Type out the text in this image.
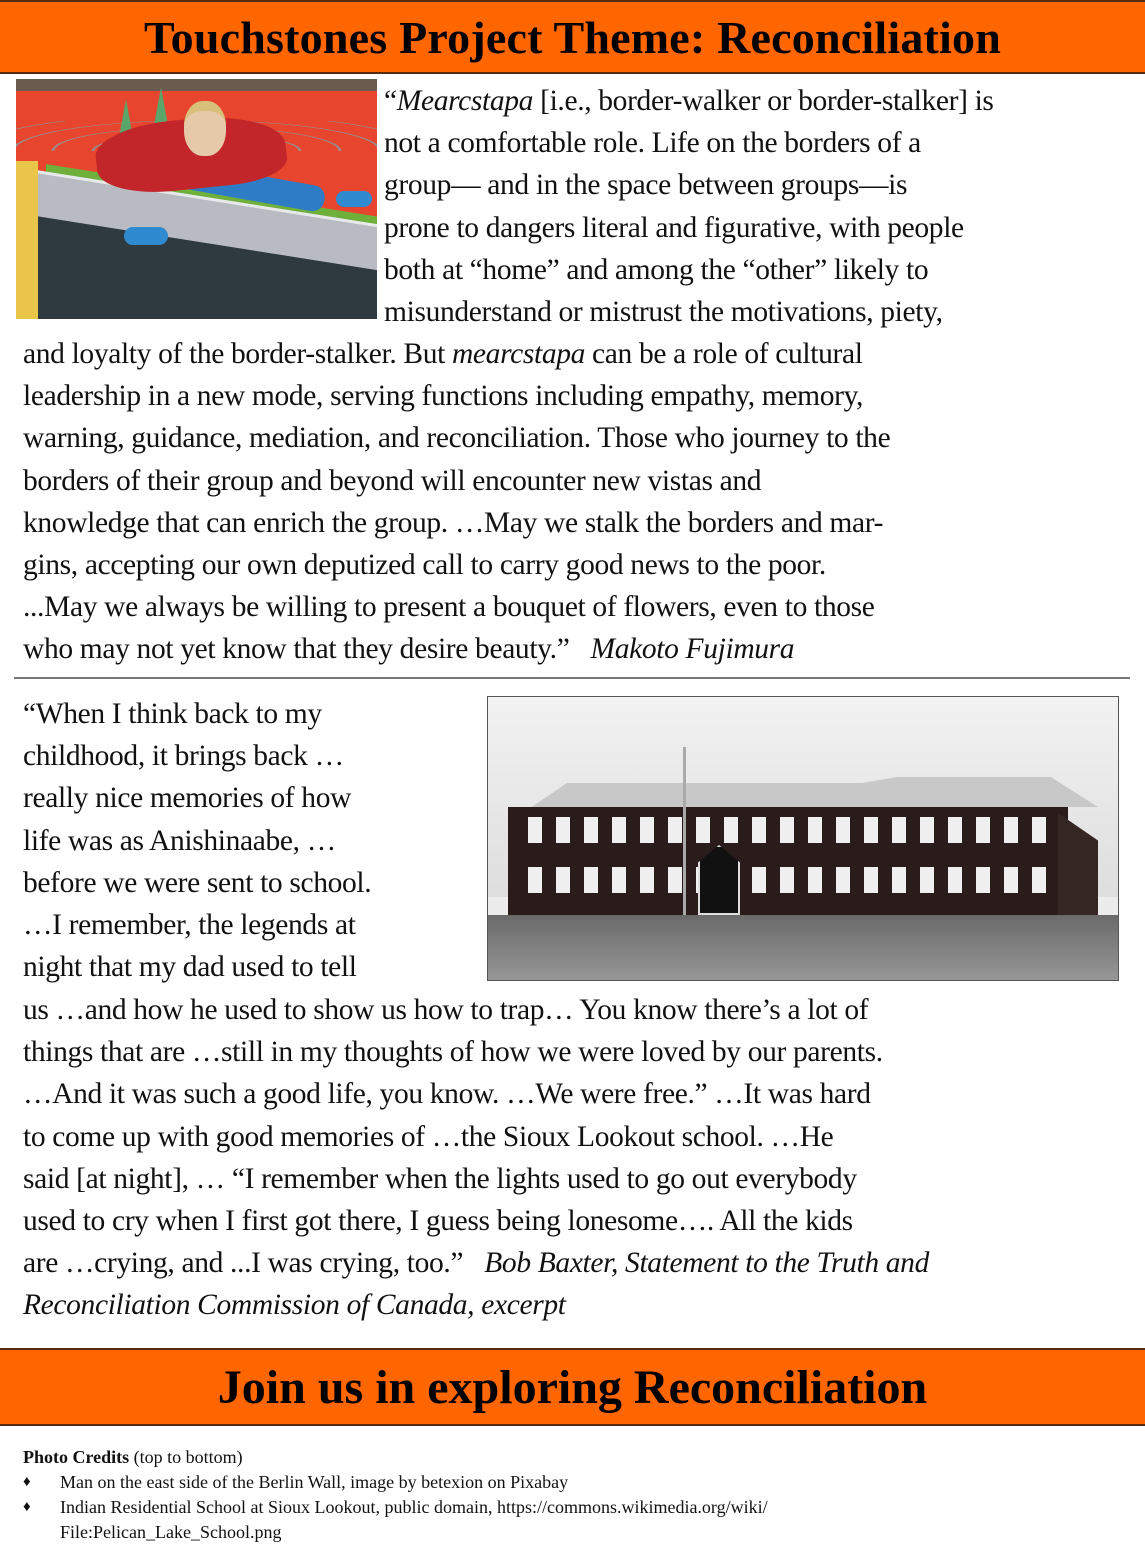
Touchstones Project Theme: Reconciliation
“Mearcstapa [i.e., border-walker or border-stalker] is
not a comfortable role. Life on the borders of a
group— and in the space between groups—is
prone to dangers literal and figurative, with people
both at “home” and among the “other” likely to
misunderstand or mistrust the motivations, piety,
and loyalty of the border-stalker. But mearcstapa can be a role of cultural
leadership in a new mode, serving functions including empathy, memory,
warning, guidance, mediation, and reconciliation. Those who journey to the
borders of their group and beyond will encounter new vistas and
knowledge that can enrich the group. …May we stalk the borders and mar-
gins, accepting our own deputized call to carry good news to the poor.
...May we always be willing to present a bouquet of flowers, even to those
who may not yet know that they desire beauty.”   Makoto Fujimura
“When I think back to my
childhood, it brings back …
really nice memories of how
life was as Anishinaabe, …
before we were sent to school.
…I remember, the legends at
night that my dad used to tell
us …and how he used to show us how to trap… You know there’s a lot of
things that are …still in my thoughts of how we were loved by our parents.
…And it was such a good life, you know. …We were free.” …It was hard
to come up with good memories of …the Sioux Lookout school. …He
said [at night], … “I remember when the lights used to go out everybody
used to cry when I first got there, I guess being lonesome…. All the kids
are …crying, and ...I was crying, too.”   Bob Baxter, Statement to the Truth and
Reconciliation Commission of Canada, excerpt
Join us in exploring Reconciliation
Photo Credits (top to bottom)
♦ Man on the east side of the Berlin Wall, image by betexion on Pixabay
♦ Indian Residential School at Sioux Lookout, public domain, https://commons.wikimedia.org/wiki/
File:Pelican_Lake_School.png
